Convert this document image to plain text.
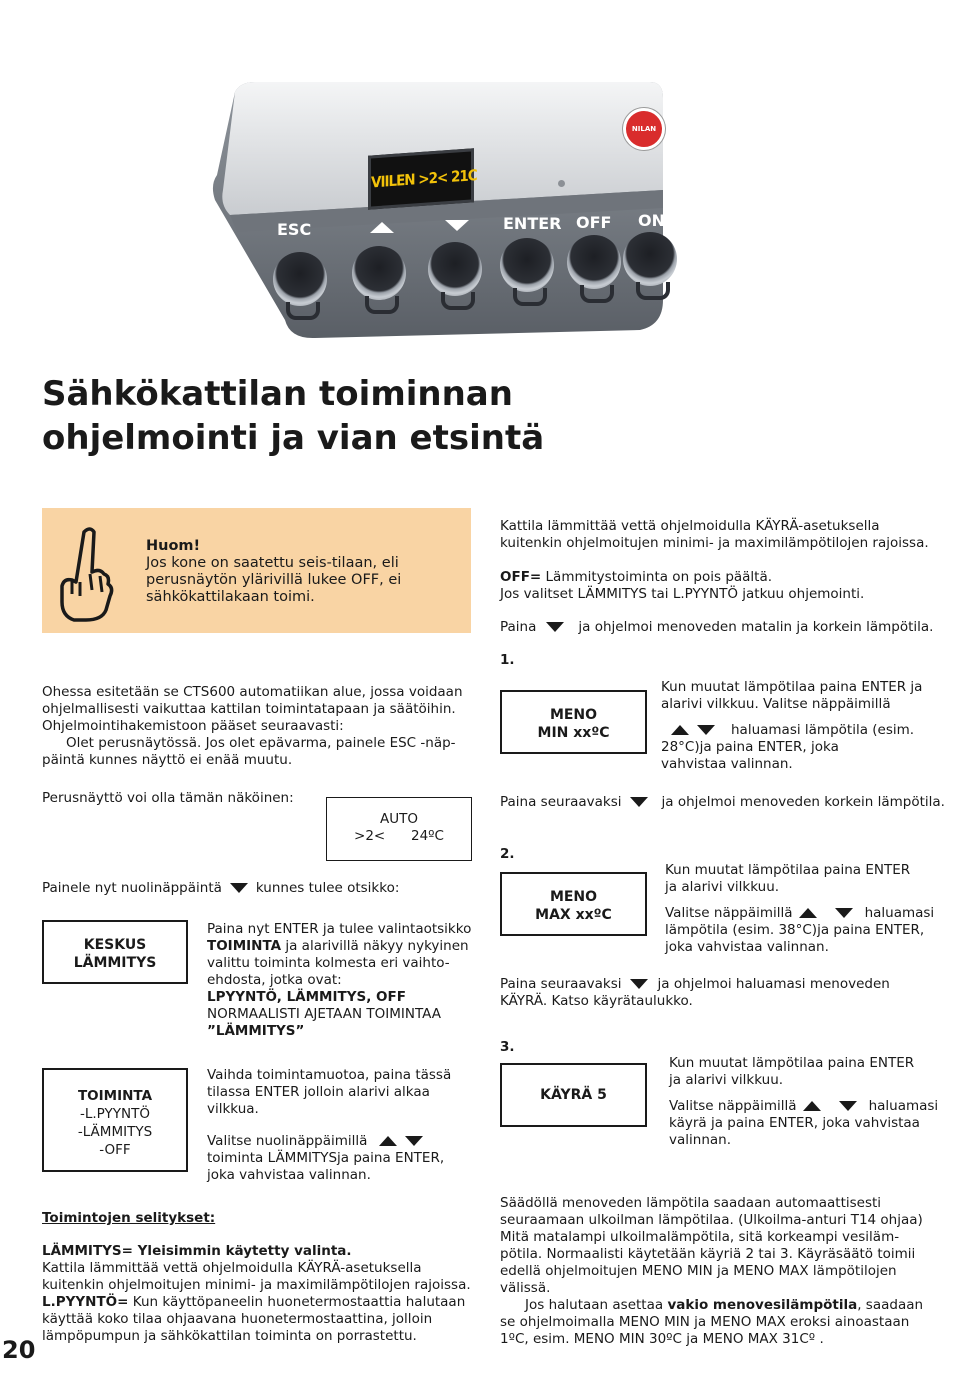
VIILEN >2< 21C
NILAN
ESC	ENTER OFF ON
Sähkökattilan toiminnan
ohjelmointi ja vian etsintä
Huom!
Jos kone on saatettu seis-tilaan, eli
perusnäytön ylärivillä lukee OFF, ei
sähkökattilakaan toimi.
Ohessa esitetään se CTS600 automatiikan alue, jossa voidaan
ohjelmallisesti vaikuttaa kattilan toimintatapaan ja säätöihin.
Ohjelmointihakemistoon pääset seuraavasti:
Olet perusnäytössä. Jos olet epävarma, painele ESC -näp-
päintä kunnes näyttö ei enää muutu.
Perusnäyttö voi olla tämän näköinen:
AUTO
>2<      24ºC
Painele nyt nuolinäppäintä	kunnes tulee otsikko:
KESKUS
LÄMMITYS
Paina nyt ENTER ja tulee valintaotsikko
TOIMINTA ja alarivillä näkyy nykyinen
valittu toiminta kolmesta eri vaihto-
ehdosta, jotka ovat:
LPYYNTÖ, LÄMMITYS, OFF
NORMAALISTI AJETAAN TOIMINTAA
”LÄMMITYS”
TOIMINTA
-L.PYYNTÖ
-LÄMMITYS
-OFF
Vaihda toimintamuotoa, paina tässä
tilassa ENTER jolloin alarivi alkaa
vilkkua.
Valitse nuolinäppäimillä
toiminta LÄMMITYSja paina ENTER,
joka vahvistaa valinnan.
Toimintojen selitykset:
LÄMMITYS= Yleisimmin käytetty valinta.
Kattila lämmittää vettä ohjelmoidulla KÄYRÄ-asetuksella
kuitenkin ohjelmoitujen minimi- ja maximilämpötilojen rajoissa.
L.PYYNTÖ= Kun käyttöpaneelin huonetermostaattia halutaan
käyttää koko tilaa ohjaavana huonetermostaattina, jolloin
lämpöpumpun ja sähkökattilan toiminta on porrastettu.
20
Kattila lämmittää vettä ohjelmoidulla KÄYRÄ-asetuksella
kuitenkin ohjelmoitujen minimi- ja maximilämpötilojen rajoissa.
OFF= Lämmitystoiminta on pois päältä.
Jos valitset LÄMMITYS tai L.PYYNTÖ jatkuu ohjemointi.
Paina	ja ohjelmoi menoveden matalin ja korkein lämpötila.
1.
MENO
MIN xxºC
Kun muutat lämpötilaa paina ENTER ja
alarivi vilkkuu. Valitse näppäimillä
haluamasi lämpötila (esim.
28°C)ja paina ENTER, joka
vahvistaa valinnan.
Paina seuraavaksi	ja ohjelmoi menoveden korkein lämpötila.
2.
MENO
MAX xxºC
Kun muutat lämpötilaa paina ENTER
ja alarivi vilkkuu.
Valitse näppäimillä	haluamasi
lämpötila (esim. 38°C)ja paina ENTER,
joka vahvistaa valinnan.
Paina seuraavaksi	ja ohjelmoi haluamasi menoveden
KÄYRÄ. Katso käyrätaulukko.
3.
KÄYRÄ 5
Kun muutat lämpötilaa paina ENTER
ja alarivi vilkkuu.
Valitse näppäimillä	haluamasi
käyrä ja paina ENTER, joka vahvistaa
valinnan.
Säädöllä menoveden lämpötila saadaan automaattisesti
seuraamaan ulkoilman lämpötilaa. (Ulkoilma-anturi T14 ohjaa)
Mitä matalampi ulkoilmalämpötila, sitä korkeampi vesiläm-
pötila. Normaalisti käytetään käyriä 2 tai 3. Käyräsäätö toimii
edellä ohjelmoitujen MENO MIN ja MENO MAX lämpötilojen
välissä.
Jos halutaan asettaa vakio menovesilämpötila, saadaan
se ohjelmoimalla MENO MIN ja MENO MAX eroksi ainoastaan
1ºC, esim. MENO MIN 30ºC ja MENO MAX 31Cº .
